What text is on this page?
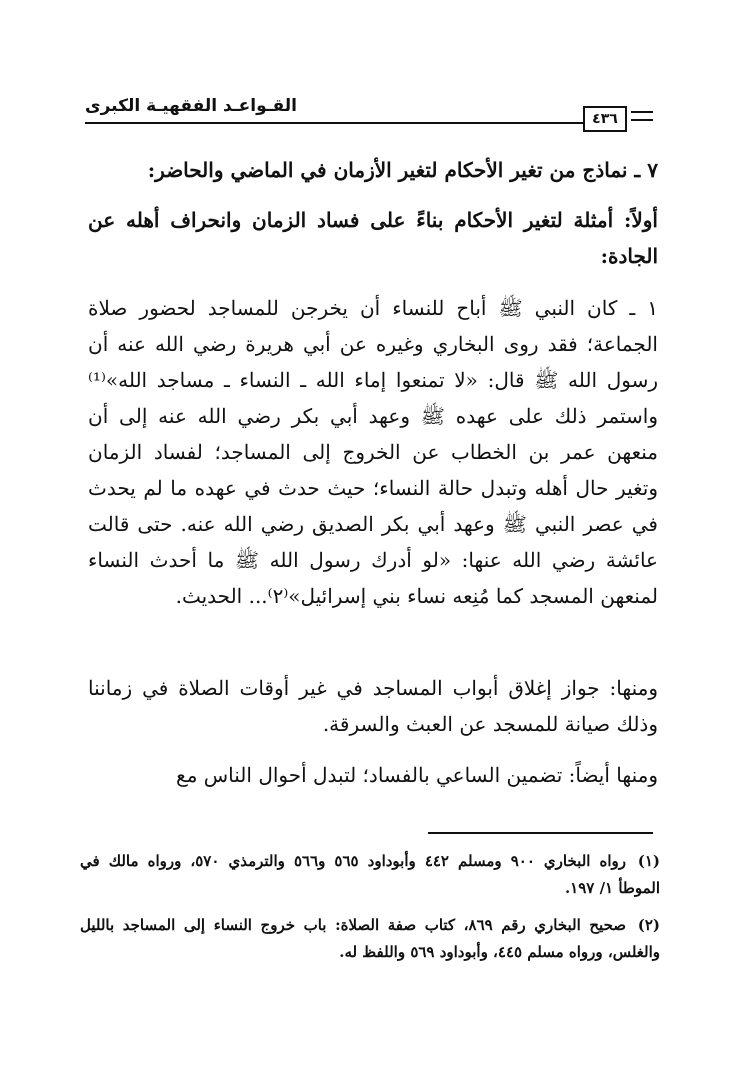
القـواعـد الفقهيـة الكبرى
٤٣٦

٧ ـ نماذج من تغير الأحكام لتغير الأزمان في الماضي والحاضر:

أولاً: أمثلة لتغير الأحكام بناءً على فساد الزمان وانحراف أهله عن الجادة:

١ ـ كان النبي ﷺ أباح للنساء أن يخرجن للمساجد لحضور صلاة الجماعة؛ فقد روى البخاري وغيره عن أبي هريرة رضي الله عنه أن رسول الله ﷺ قال: «لا تمنعوا إماء الله ـ النساء ـ مساجد الله»⁽¹⁾ واستمر ذلك على عهده ﷺ وعهد أبي بكر رضي الله عنه إلى أن منعهن عمر بن الخطاب عن الخروج إلى المساجد؛ لفساد الزمان وتغير حال أهله وتبدل حالة النساء؛ حيث حدث في عهده ما لم يحدث في عصر النبي ﷺ وعهد أبي بكر الصديق رضي الله عنه. حتى قالت عائشة رضي الله عنها: «لو أدرك رسول الله ﷺ ما أحدث النساء لمنعهن المسجد كما مُنِعه نساء بني إسرائيل»⁽٢⁾... الحديث.

ومنها: جواز إغلاق أبواب المساجد في غير أوقات الصلاة في زماننا وذلك صيانة للمسجد عن العبث والسرقة.

ومنها أيضاً: تضمين الساعي بالفساد؛ لتبدل أحوال الناس مع

(١)رواه البخاري ٩٠٠ ومسلم ٤٤٢ وأبوداود ٥٦٥ و٥٦٦ والترمذي ٥٧٠، ورواه مالك في الموطأ ١/ ١٩٧.

(٢)صحيح البخاري رقم ٨٦٩، كتاب صفة الصلاة: باب خروج النساء إلى المساجد بالليل والغلس، ورواه مسلم ٤٤٥، وأبوداود ٥٦٩ واللفظ له.
